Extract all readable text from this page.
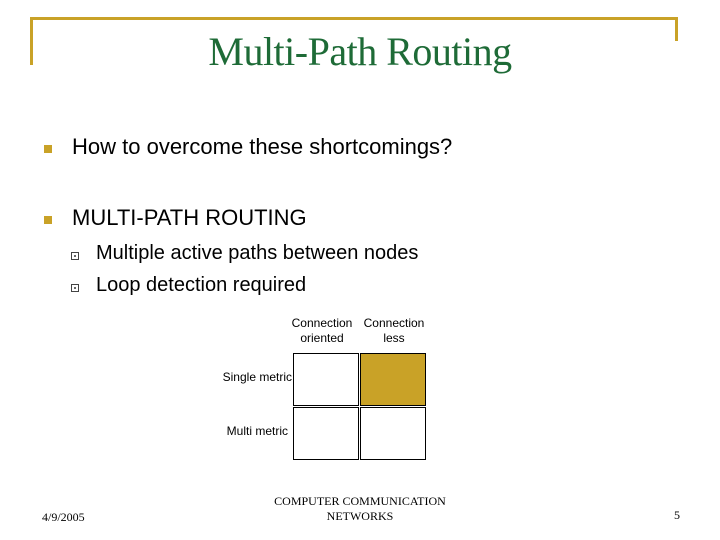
Multi-Path Routing
How to overcome these shortcomings?
MULTI-PATH ROUTING
Multiple active paths between nodes
Loop detection required
Connection
oriented
Connection
less
Single metric
Multi metric
4/9/2005
COMPUTER COMMUNICATION
NETWORKS	5
